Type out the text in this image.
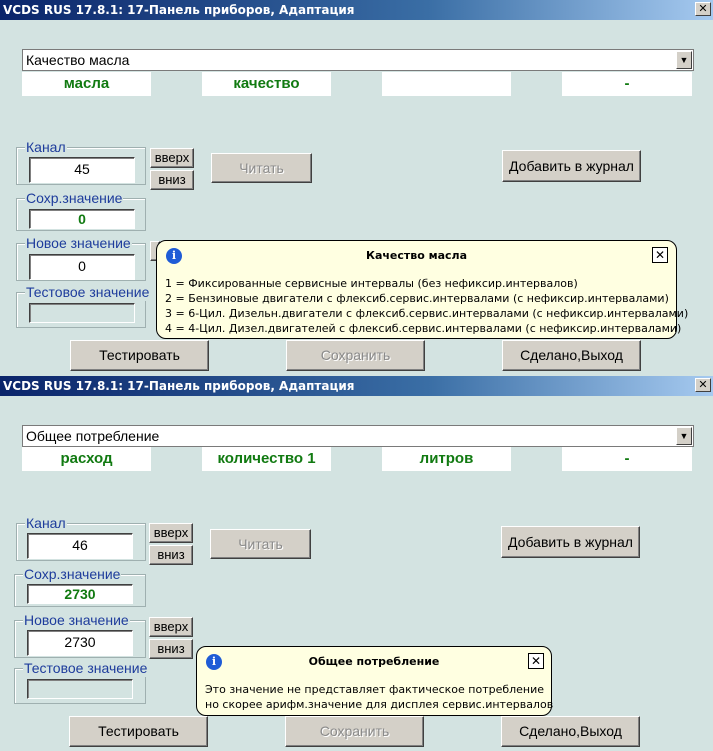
VCDS RUS 17.8.1: 17-Панель приборов, Адаптация	✕
Качество масла	▼
масла	качество	-
Канал
45
вверх
вниз
Читать	Добавить в журнал
Сохр.значение
0
Новое значение
0
Тестовое значение
Тестировать	Сохранить	Сделано,Выход
i	Качество масла	✕
1 = Фиксированные сервисные интервалы (без нефиксир.интервалов)
2 = Бензиновые двигатели с флексиб.сервис.интервалами (с нефиксир.интервалами)
3 = 6-Цил. Дизельн.двигатели с флексиб.сервис.интервалами (с нефиксир.интервалами)
4 = 4-Цил. Дизел.двигателей с флексиб.сервис.интервалами (с нефиксир.интервалами)
VCDS RUS 17.8.1: 17-Панель приборов, Адаптация	✕
Общее потребление	▼
расход	количество 1	литров	-
Канал
46
вверх
вниз
Читать	Добавить в журнал
Сохр.значение
2730
Новое значение
2730
вверх
вниз
Тестовое значение
Тестировать	Сохранить	Сделано,Выход
i	Общее потребление	✕
Это значение не представляет фактическое потребление
но скорее арифм.значение для дисплея сервис.интервалов
